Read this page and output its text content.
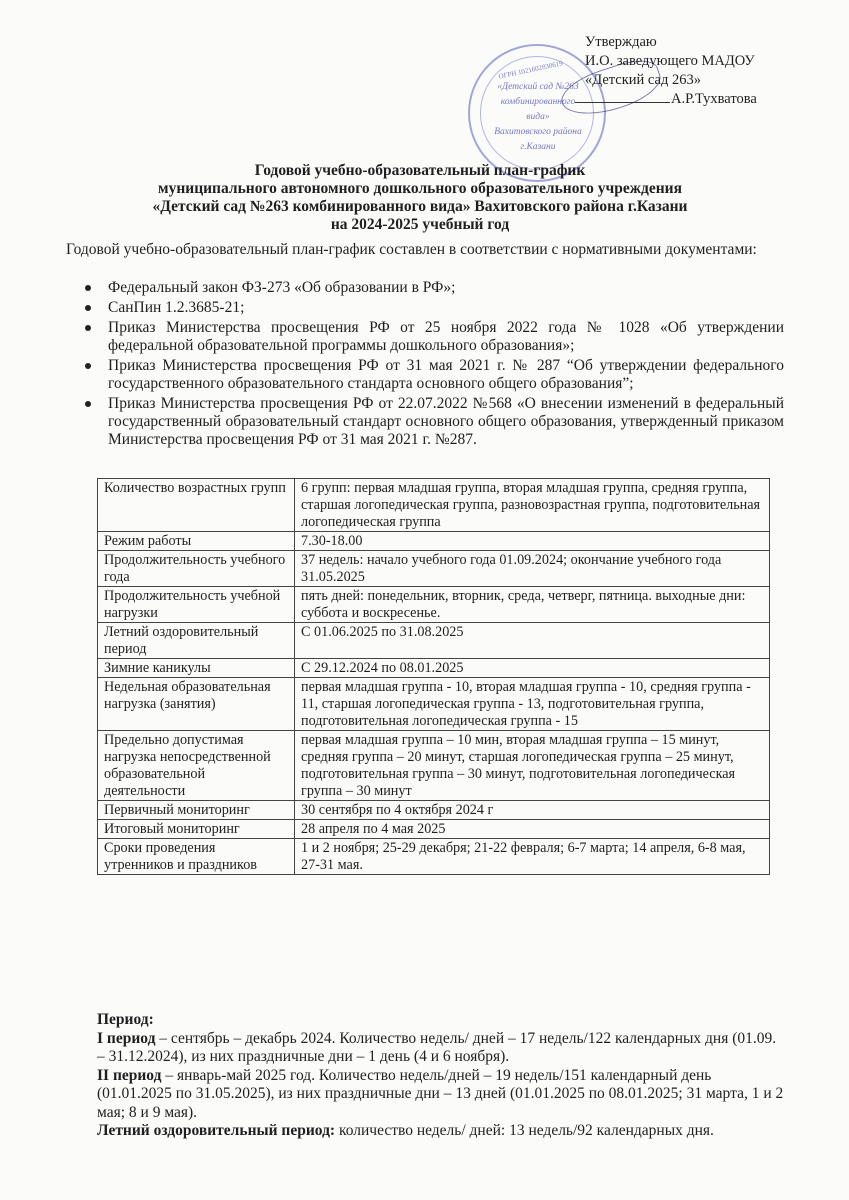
ОГРН 1021602838619
«Детский сад №263
комбинированного вида»
Вахитовского района
г.Казани
Утверждаю
И.О. заведующего МАДОУ
«Детский сад 263»
А.Р.Тухватова
Годовой учебно-образовательный план-график
муниципального автономного дошкольного образовательного учреждения
«Детский сад №263 комбинированного вида» Вахитовского района г.Казани
на 2024-2025 учебный год
Годовой учебно-образовательный план-график составлен в соответствии с нормативными документами:
Федеральный закон ФЗ-273 «Об образовании в РФ»;
СанПин 1.2.3685-21;
Приказ Министерства просвещения РФ от 25 ноября 2022 года № 1028 «Об утверждении федеральной образовательной программы дошкольного образования»;
Приказ Министерства просвещения РФ от 31 мая 2021 г. № 287 “Об утверждении федерального государственного образовательного стандарта основного общего образования”;
Приказ Министерства просвещения РФ от 22.07.2022 №568 «О внесении изменений в федеральный государственный образовательный стандарт основного общего образования, утвержденный приказом Министерства просвещения РФ от 31 мая 2021 г. №287.
Количество возрастных групп	6 групп: первая младшая группа, вторая младшая группа, средняя группа, старшая логопедическая группа, разновозрастная группа, подготовительная логопедическая группа
Режим работы	7.30-18.00
Продолжительность учебного года	37 недель: начало учебного года 01.09.2024; окончание учебного года 31.05.2025
Продолжительность учебной нагрузки	пять дней: понедельник, вторник, среда, четверг, пятница. выходные дни: суббота и воскресенье.
Летний оздоровительный период	С 01.06.2025 по 31.08.2025
Зимние каникулы	С 29.12.2024 по 08.01.2025
Недельная образовательная нагрузка (занятия)	первая младшая группа - 10, вторая младшая группа - 10, средняя группа - 11, старшая логопедическая группа - 13, подготовительная группа, подготовительная логопедическая группа - 15
Предельно допустимая нагрузка непосредственной образовательной деятельности	первая младшая группа – 10 мин, вторая младшая группа – 15 минут, средняя группа – 20 минут, старшая логопедическая группа – 25 минут, подготовительная группа – 30 минут, подготовительная логопедическая группа – 30 минут
Первичный мониторинг	30 сентября по 4 октября 2024 г
Итоговый мониторинг	28 апреля по 4 мая 2025
Сроки проведения утренников и праздников	1 и 2 ноября; 25-29 декабря; 21-22 февраля; 6-7 марта; 14 апреля, 6-8 мая, 27-31 мая.
Период:
I период – сентябрь – декабрь 2024. Количество недель/ дней – 17 недель/122 календарных дня (01.09. – 31.12.2024), из них праздничные дни – 1 день (4 и 6 ноября).
II период – январь-май 2025 год. Количество недель/дней – 19 недель/151 календарный день (01.01.2025 по 31.05.2025), из них праздничные дни – 13 дней (01.01.2025 по 08.01.2025; 31 марта, 1 и 2 мая; 8 и 9 мая).
Летний оздоровительный период: количество недель/ дней: 13 недель/92 календарных дня.
